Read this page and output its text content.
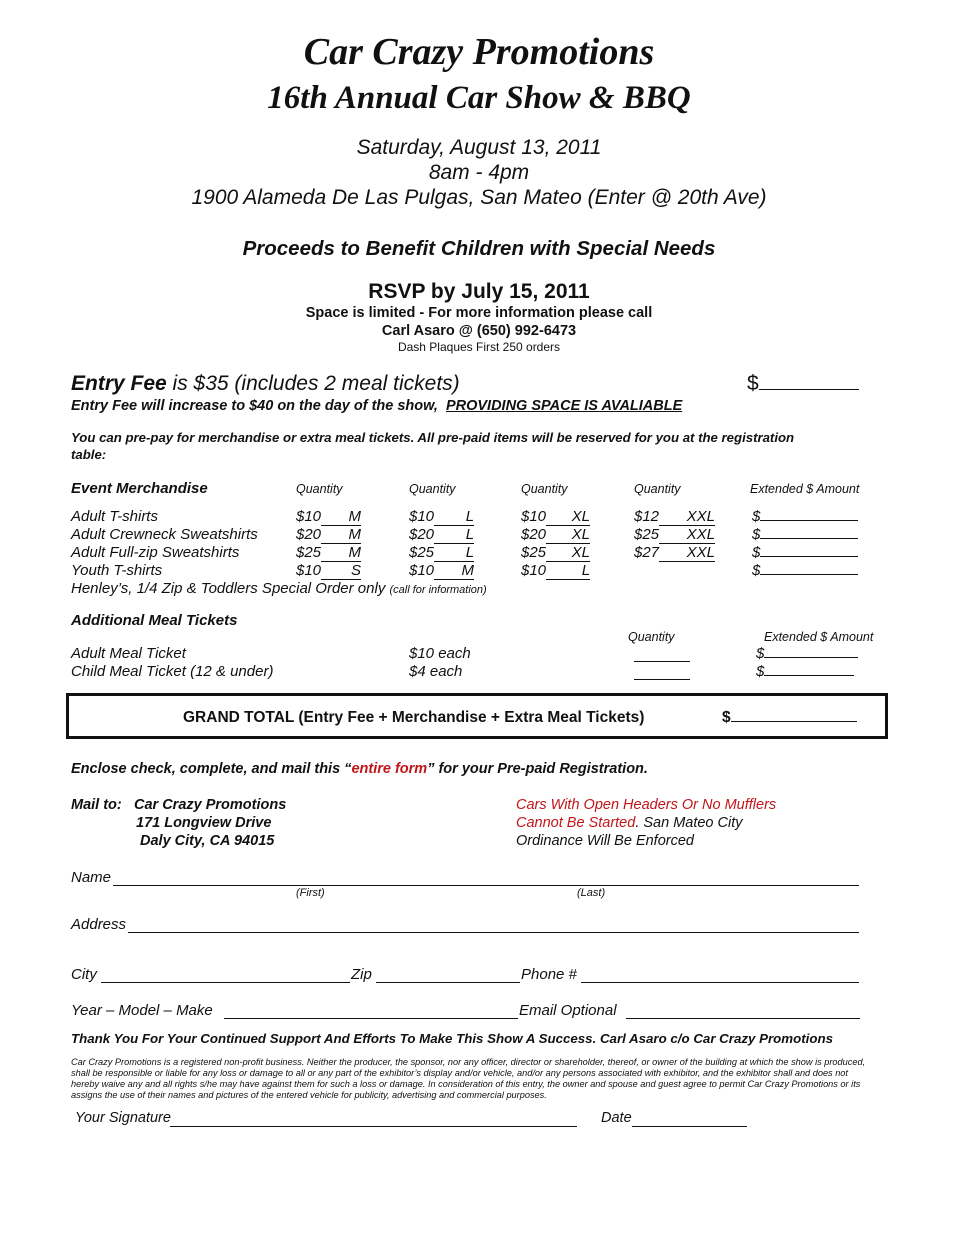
Car Crazy Promotions
16th Annual Car Show & BBQ
Saturday, August 13, 2011
8am - 4pm
1900 Alameda De Las Pulgas, San Mateo (Enter @ 20th Ave)
Proceeds to Benefit Children with Special Needs
RSVP by July 15, 2011
Space is limited - For more information please call
Carl Asaro @ (650) 992-6473
Dash Plaques First 250 orders
Entry Fee is $35 (includes 2 meal tickets)	$
Entry Fee will increase to $40 on the day of the show, PROVIDING SPACE IS AVALIABLE
You can pre-pay for merchandise or extra meal tickets. All pre-paid items will be reserved for you at the registration
table:
Event Merchandise	Quantity	Quantity	Quantity	Quantity	Extended $ Amount
Adult T-shirts	$10 M	$10 L	$10 XL	$12 XXL $
Adult Crewneck Sweatshirts	$20 M	$20 L	$20 XL	$25 XXL $
Adult Full-zip Sweatshirts	$25 M	$25 L	$25 XL	$27 XXL $
Youth T-shirts	$10 S	$10 M	$10 L	$
Henley’s, 1/4 Zip & Toddlers Special Order only (call for information)
Additional Meal Tickets
Quantity	Extended $ Amount
Adult Meal Ticket	$10 each	$
Child Meal Ticket (12 & under)	$4 each	$
GRAND TOTAL (Entry Fee + Merchandise + Extra Meal Tickets)	$
Enclose check, complete, and mail this “entire form” for your Pre-paid Registration.
Mail to: Car Crazy Promotions
171 Longview Drive
Daly City, CA 94015
Cars With Open Headers Or No Mufflers
Cannot Be Started. San Mateo City
Ordinance Will Be Enforced
Name
(First)	(Last)
Address
City	Zip	Phone #
Year – Model – Make	Email Optional
Thank You For Your Continued Support And Efforts To Make This Show A Success. Carl Asaro c/o Car Crazy Promotions
Car Crazy Promotions is a registered non-profit business. Neither the producer, the sponsor, nor any officer, director or shareholder, thereof, or owner of the building at which the show is produced,
shall be responsible or liable for any loss or damage to all or any part of the exhibitor’s display and/or vehicle, and/or any persons associated with exhibitor, and the exhibitor shall and does not
hereby waive any and all rights s/he may have against them for such a loss or damage. In consideration of this entry, the owner and spouse and guest agree to permit Car Crazy Promotions or its
assigns the use of their names and pictures of the entered vehicle for publicity, advertising and commercial purposes.
Your Signature	Date
